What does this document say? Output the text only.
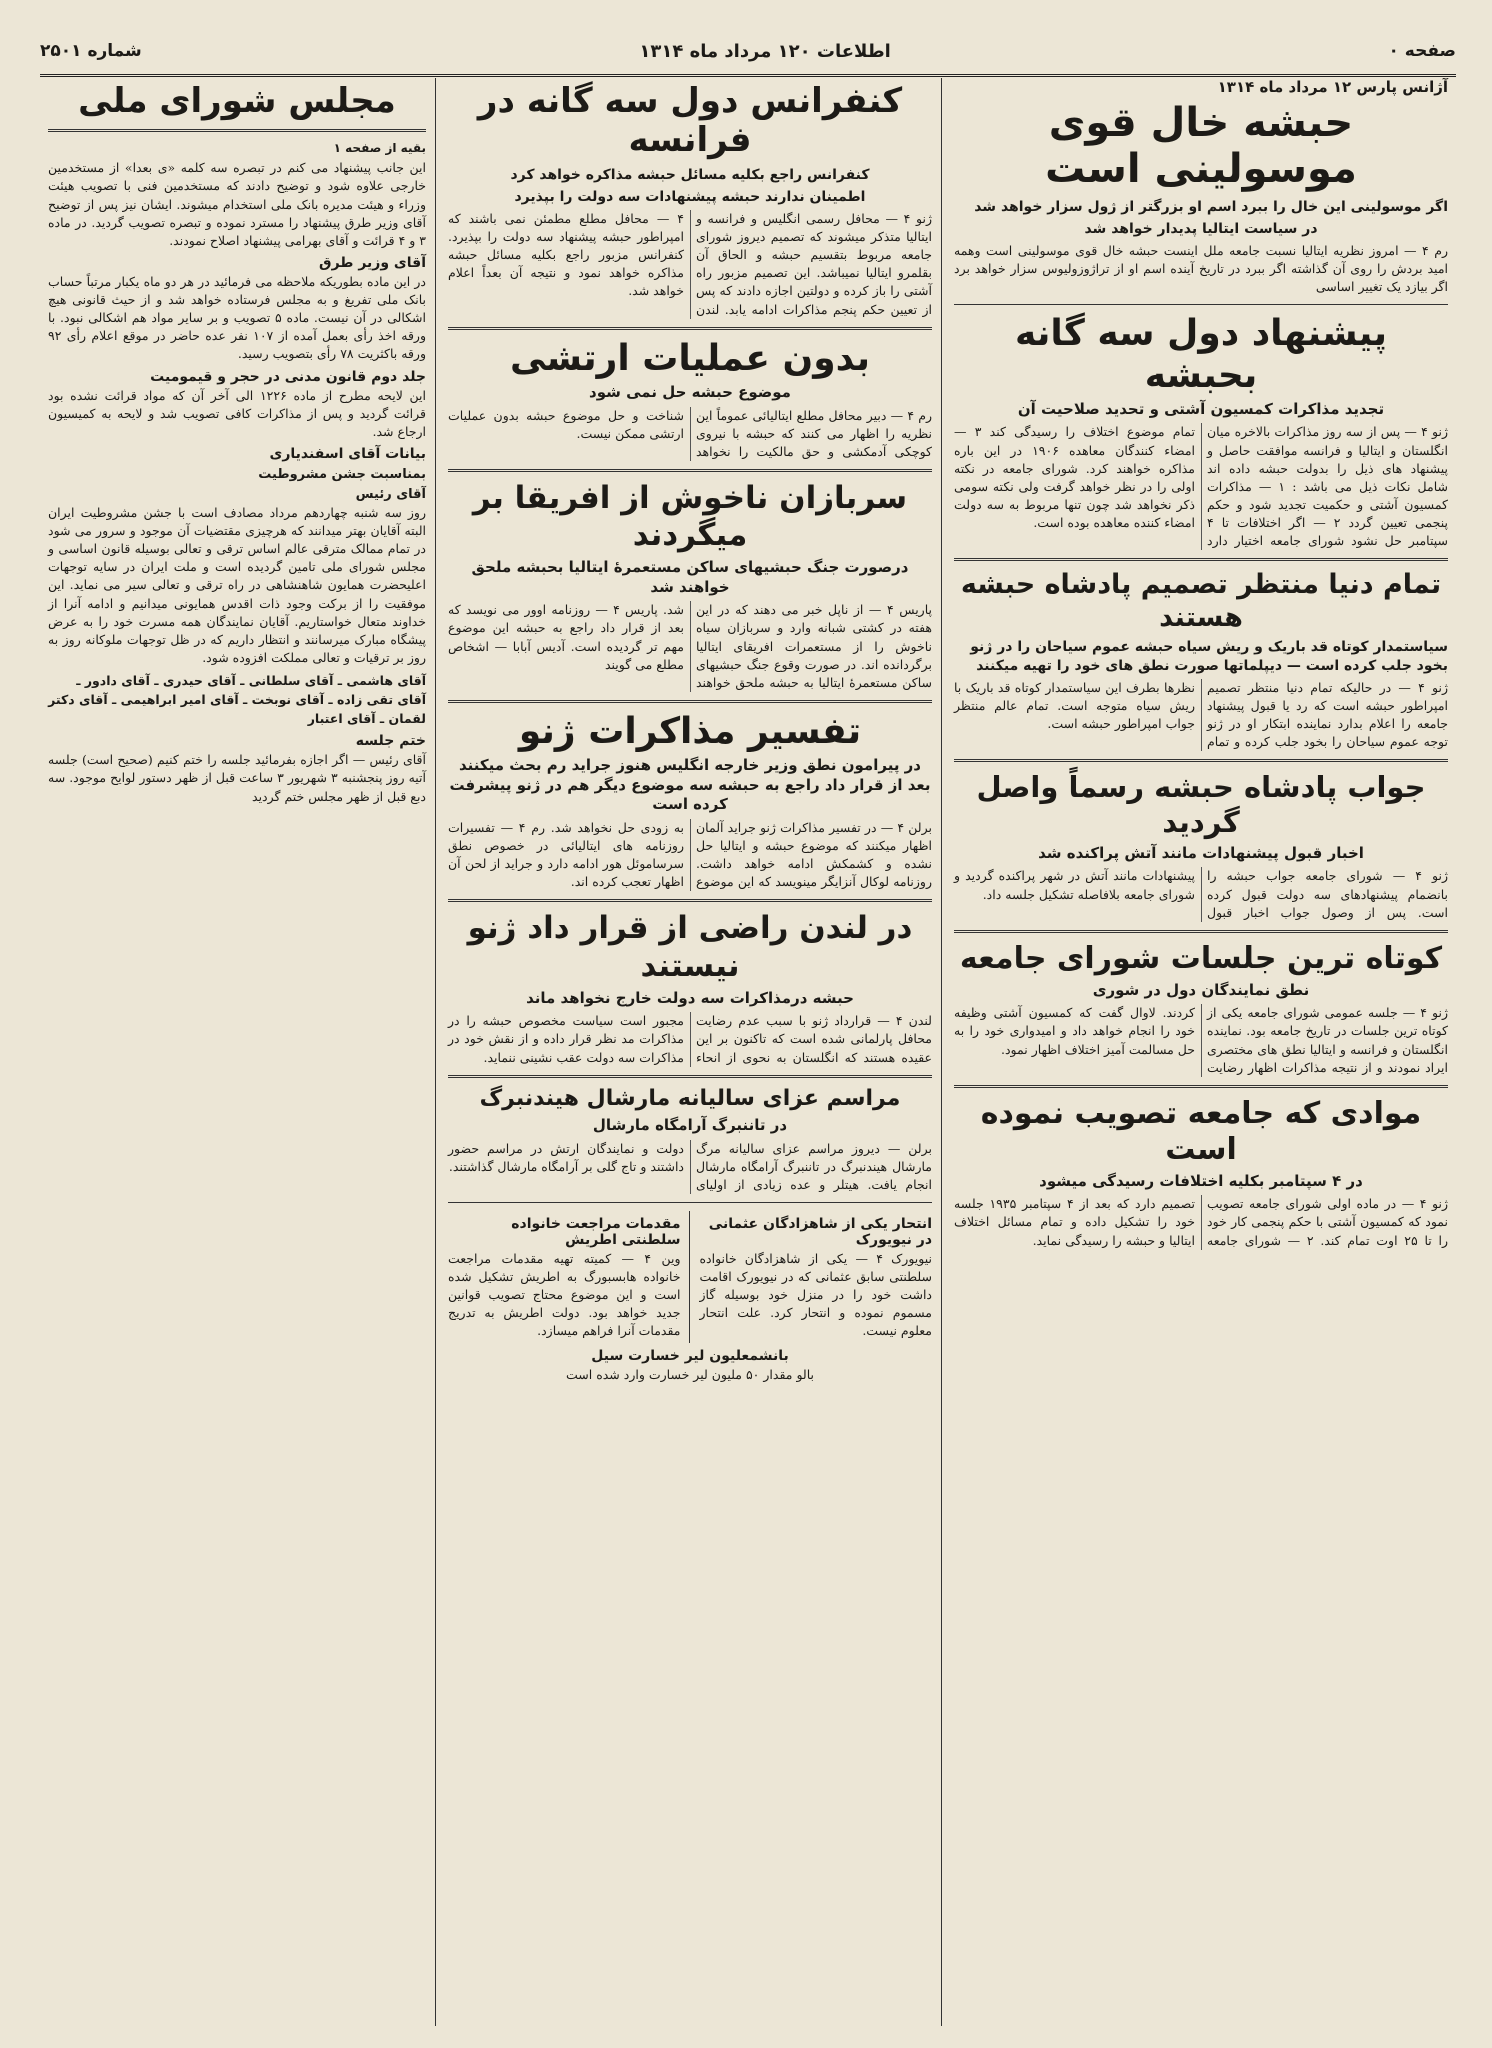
صفحه ۰
اطلاعات ۱۲۰ مرداد ماه ۱۳۱۴
شماره ۲۵۰۱
آژانس پارس ۱۲ مرداد ماه ۱۳۱۴
حبشه خال قوی موسولینی است
اگر موسولینی این خال را ببرد اسم او بزرگتر از ژول سزار خواهد شد
در سیاست ایتالیا پدیدار خواهد شد
رم ۴ — امروز نظریه ایتالیا نسبت جامعه ملل اینست حبشه خال قوی موسولینی است وهمه امید بردش را روی آن گذاشته اگر ببرد در تاریخ آینده اسم او از تراژوزولیوس سزار خواهد برد اگر بیازد یک تغییر اساسی
پیشنهاد دول سه گانه بحبشه
تجدید مذاکرات کمسیون آشتی و تحدید صلاحیت آن
ژنو ۴ — پس از سه روز مذاکرات بالاخره میان انگلستان و ایتالیا و فرانسه موافقت حاصل و پیشنهاد های ذیل را بدولت حبشه داده اند شامل نکات ذیل می باشد : ۱ — مذاکرات کمسیون آشتی و حکمیت تجدید شود و حکم پنجمی تعیین گردد ۲ — اگر اختلافات تا ۴ سپتامبر حل نشود شورای جامعه اختیار دارد تمام موضوع اختلاف را رسیدگی کند ۳ — امضاء کنندگان معاهده ۱۹۰۶ در این باره مذاکره خواهند کرد. شورای جامعه در نکته اولی را در نظر خواهد گرفت ولی نکته سومی ذکر نخواهد شد چون تنها مربوط به سه دولت امضاء کننده معاهده بوده است.
تمام دنیا منتظر تصمیم پادشاه حبشه هستند
سیاستمدار کوتاه قد باریک و ریش سیاه حبشه عموم سیاحان را در ژنو بخود جلب کرده است — دیپلماتها صورت نطق های خود را تهیه میکنند
ژنو ۴ — در حالیکه تمام دنیا منتظر تصمیم امپراطور حبشه است که رد یا قبول پیشنهاد جامعه را اعلام بدارد نماینده ابتکار او در ژنو توجه عموم سیاحان را بخود جلب کرده و تمام نظرها بطرف این سیاستمدار کوتاه قد باریک با ریش سیاه متوجه است. تمام عالم منتظر جواب امپراطور حبشه است.
جواب پادشاه حبشه رسماً واصل گردید
اخبار قبول پیشنهادات مانند آتش پراکنده شد
ژنو ۴ — شورای جامعه جواب حبشه را بانضمام پیشنهادهای سه دولت قبول کرده است. پس از وصول جواب اخبار قبول پیشنهادات مانند آتش در شهر پراکنده گردید و شورای جامعه بلافاصله تشکیل جلسه داد.
کوتاه ترین جلسات شورای جامعه
نطق نمایندگان دول در شوری
ژنو ۴ — جلسه عمومی شورای جامعه یکی از کوتاه ترین جلسات در تاریخ جامعه بود. نماینده انگلستان و فرانسه و ایتالیا نطق های مختصری ایراد نمودند و از نتیجه مذاکرات اظهار رضایت کردند. لاوال گفت که کمسیون آشتی وظیفه خود را انجام خواهد داد و امیدواری خود را به حل مسالمت آمیز اختلاف اظهار نمود.
موادی که جامعه تصویب نموده است
در ۴ سپتامبر بکلیه اختلافات رسیدگی میشود
ژنو ۴ — در ماده اولی شورای جامعه تصویب نمود که کمسیون آشتی با حکم پنجمی کار خود را تا ۲۵ اوت تمام کند. ۲ — شورای جامعه تصمیم دارد که بعد از ۴ سپتامبر ۱۹۳۵ جلسه خود را تشکیل داده و تمام مسائل اختلاف ایتالیا و حبشه را رسیدگی نماید.
کنفرانس دول سه گانه در فرانسه
کنفرانس راجع بکلیه مسائل حبشه مذاکره خواهد کرد
اطمینان ندارند حبشه پیشنهادات سه دولت را بپذیرد
ژنو ۴ — محافل رسمی انگلیس و فرانسه و ایتالیا متذکر میشوند که تصمیم دیروز شورای جامعه مربوط بتقسیم حبشه و الحاق آن بقلمرو ایتالیا نمیباشد. این تصمیم مزبور راه آشتی را باز کرده و دولتین اجازه دادند که پس از تعیین حکم پنجم مذاکرات ادامه یابد. لندن ۴ — محافل مطلع مطمئن نمی باشند که امپراطور حبشه پیشنهاد سه دولت را بپذیرد. کنفرانس مزبور راجع بکلیه مسائل حبشه مذاکره خواهد نمود و نتیجه آن بعداً اعلام خواهد شد.
بدون عملیات ارتشی
موضوع حبشه حل نمی شود
رم ۴ — دبیر محافل مطلع ایتالیائی عموماً این نظریه را اظهار می کنند که حبشه با نیروی کوچکی آدمکشی و حق مالکیت را نخواهد شناخت و حل موضوع حبشه بدون عملیات ارتشی ممکن نیست.
سربازان ناخوش از افریقا بر میگردند
درصورت جنگ حبشیهای ساکن مستعمرهٔ ایتالیا بحبشه ملحق خواهند شد
پاریس ۴ — از ناپل خبر می دهند که در این هفته در کشتی شبانه وارد و سربازان سیاه ناخوش را از مستعمرات افریقای ایتالیا برگردانده اند. در صورت وقوع جنگ حبشیهای ساکن مستعمرهٔ ایتالیا به حبشه ملحق خواهند شد. پاریس ۴ — روزنامه اوور می نویسد که بعد از قرار داد راجع به حبشه این موضوع مهم تر گردیده است. آدیس آبابا — اشخاص مطلع می گویند
تفسیر مذاکرات ژنو
در پیرامون نطق وزیر خارجه انگلیس هنوز جراید رم بحث میکنند بعد از قرار داد راجع به حبشه سه موضوع دیگر هم در ژنو پیشرفت کرده است
برلن ۴ — در تفسیر مذاکرات ژنو جراید آلمان اظهار میکنند که موضوع حبشه و ایتالیا حل نشده و کشمکش ادامه خواهد داشت. روزنامه لوکال آنزایگر مینویسد که این موضوع به زودی حل نخواهد شد. رم ۴ — تفسیرات روزنامه های ایتالیائی در خصوص نطق سرساموئل هور ادامه دارد و جراید از لحن آن اظهار تعجب کرده اند.
در لندن راضی از قرار داد ژنو نیستند
حبشه درمذاکرات سه دولت خارج نخواهد ماند
لندن ۴ — قرارداد ژنو با سبب عدم رضایت محافل پارلمانی شده است که تاکنون بر این عقیده هستند که انگلستان به نحوی از انحاء مجبور است سیاست مخصوص حبشه را در مذاکرات مد نظر قرار داده و از نقش خود در مذاکرات سه دولت عقب نشینی ننماید.
مراسم عزای سالیانه مارشال هیندنبرگ
در تاننبرگ آرامگاه مارشال
برلن — دیروز مراسم عزای سالیانه مرگ مارشال هیندنبرگ در تاننبرگ آرامگاه مارشال انجام یافت. هیتلر و عده زیادی از اولیای دولت و نمایندگان ارتش در مراسم حضور داشتند و تاج گلی بر آرامگاه مارشال گذاشتند.
انتحار یکی از شاهزادگان عثمانی در نیویورک
نیویورک ۴ — یکی از شاهزادگان خانواده سلطنتی سابق عثمانی که در نیویورک اقامت داشت خود را در منزل خود بوسیله گاز مسموم نموده و انتحار کرد. علت انتحار معلوم نیست.
مقدمات مراجعت خانواده سلطنتی اطریش
وین ۴ — کمیته تهیه مقدمات مراجعت خانواده هابسبورگ به اطریش تشکیل شده است و این موضوع محتاج تصویب قوانین جدید خواهد بود. دولت اطریش به تدریج مقدمات آنرا فراهم میسازد.
بانشمعلیون لیر خسارت سیل
بالو مقدار ۵۰ ملیون لیر خسارت وارد شده است
مجلس شورای ملی
بقیه از صفحه ۱
این جانب پیشنهاد می کنم در تبصره سه کلمه «ی بعدا» از مستخدمین خارجی علاوه شود و توضیح دادند که مستخدمین فنی با تصویب هیئت وزراء و هیئت مدیره بانک ملی استخدام میشوند. ایشان نیز پس از توضیح آقای وزیر طرق پیشنهاد را مسترد نموده و تبصره تصویب گردید. در ماده ۳ و ۴ قرائت و آقای بهرامی پیشنهاد اصلاح نمودند.
آقای وزیر طرق
در این ماده بطوریکه ملاحظه می فرمائید در هر دو ماه یکبار مرتباً حساب بانک ملی تفریغ و به مجلس فرستاده خواهد شد و از حیث قانونی هیچ اشکالی در آن نیست. ماده ۵ تصویب و بر سایر مواد هم اشکالی نبود. با ورقه اخذ رأی بعمل آمده از ۱۰۷ نفر عده حاضر در موقع اعلام رأی ۹۲ ورقه باکثریت ۷۸ رأی بتصویب رسید.
جلد دوم قانون مدنی در حجر و قیمومیت
این لایحه مطرح از ماده ۱۲۲۶ الی آخر آن که مواد قرائت نشده بود قرائت گردید و پس از مذاکرات کافی تصویب شد و لایحه به کمیسیون ارجاع شد.
بیانات آقای اسفندیاری
بمناسبت جشن مشروطیت
آقای رئیس
روز سه شنبه چهاردهم مرداد مصادف است با جشن مشروطیت ایران البته آقایان بهتر میدانند که هرچیزی مقتضیات آن موجود و سرور می شود در تمام ممالک مترقی عالم اساس ترقی و تعالی بوسیله قانون اساسی و مجلس شورای ملی تامین گردیده است و ملت ایران در سایه توجهات اعلیحضرت همایون شاهنشاهی در راه ترقی و تعالی سیر می نماید. این موفقیت را از برکت وجود ذات اقدس همایونی میدانیم و ادامه آنرا از خداوند متعال خواستاریم. آقایان نمایندگان همه مسرت خود را به عرض پیشگاه مبارک میرسانند و انتظار داریم که در ظل توجهات ملوکانه روز به روز بر ترقیات و تعالی مملکت افزوده شود.
آقای هاشمی ـ آقای سلطانی ـ آقای حیدری ـ آقای دادور ـ آقای تقی زاده ـ آقای نوبخت ـ آقای امیر ابراهیمی ـ آقای دکتر لقمان ـ آقای اعتبار
ختم جلسه
آقای رئیس — اگر اجازه بفرمائید جلسه را ختم کنیم (صحیح است) جلسه آتیه روز پنجشنبه ۳ شهریور ۳ ساعت قبل از ظهر دستور لوایح موجود. سه دبع قبل از ظهر مجلس ختم گردید
